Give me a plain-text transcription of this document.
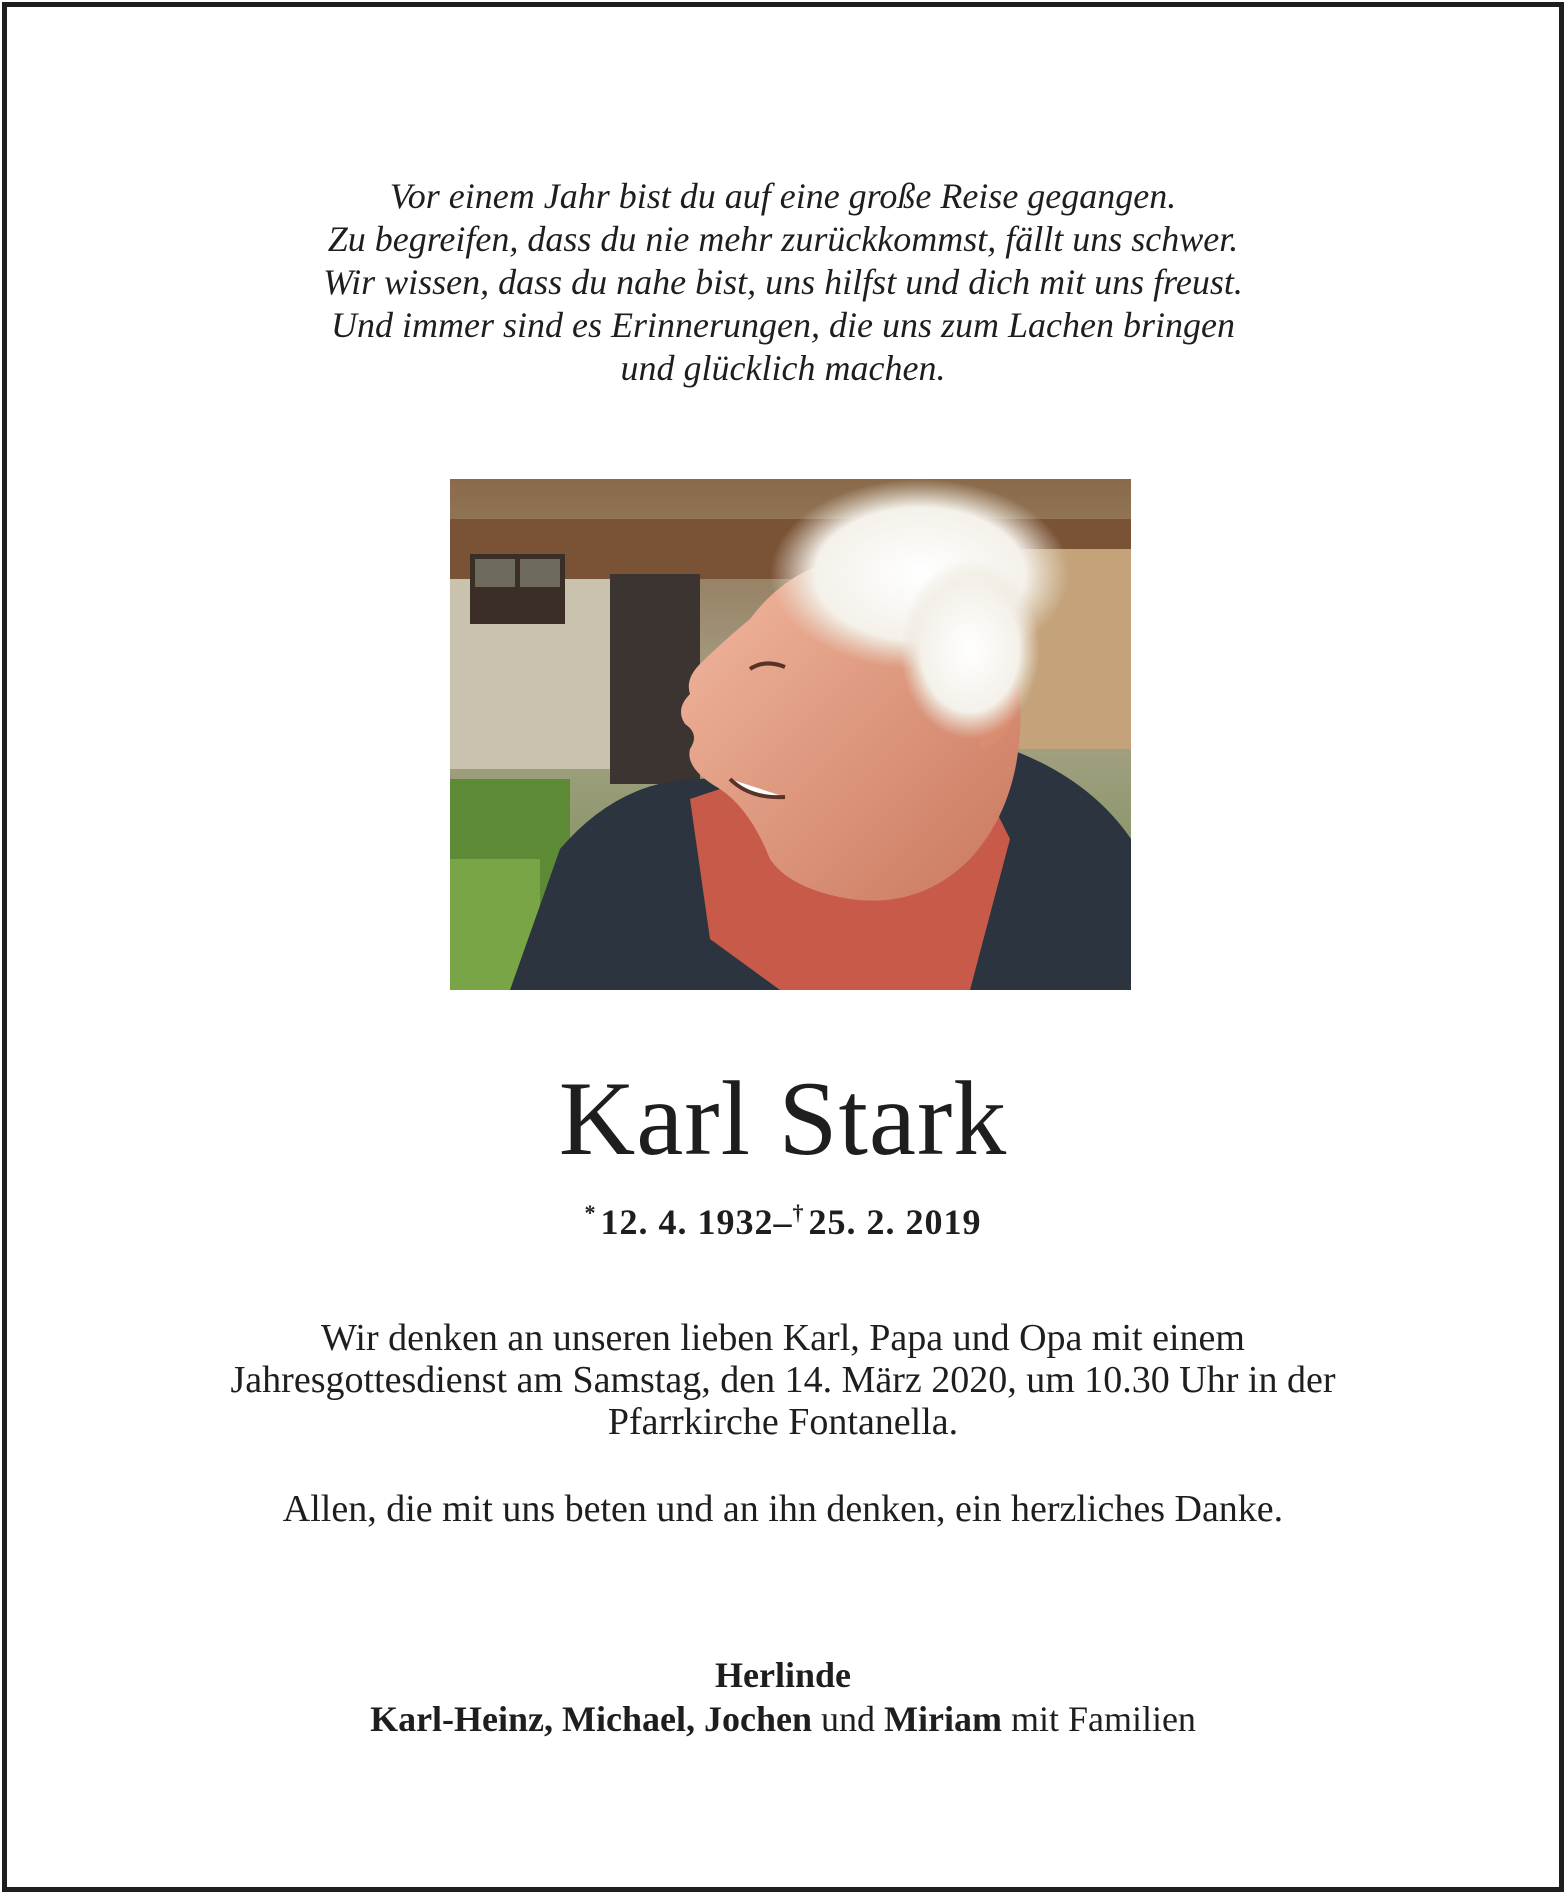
Vor einem Jahr bist du auf eine große Reise gegangen.
Zu begreifen, dass du nie mehr zurückkommst, fällt uns schwer.
Wir wissen, dass du nahe bist, uns hilfst und dich mit uns freust.
Und immer sind es Erinnerungen, die uns zum Lachen bringen
und glücklich machen.
Karl Stark
* 12. 4. 1932–† 25. 2. 2019
Wir denken an unseren lieben Karl, Papa und Opa mit einem
Jahresgottesdienst am Samstag, den 14. März 2020, um 10.30 Uhr in der
Pfarrkirche Fontanella.
Allen, die mit uns beten und an ihn denken, ein herzliches Danke.
Herlinde
Karl-Heinz, Michael, Jochen und Miriam mit Familien
